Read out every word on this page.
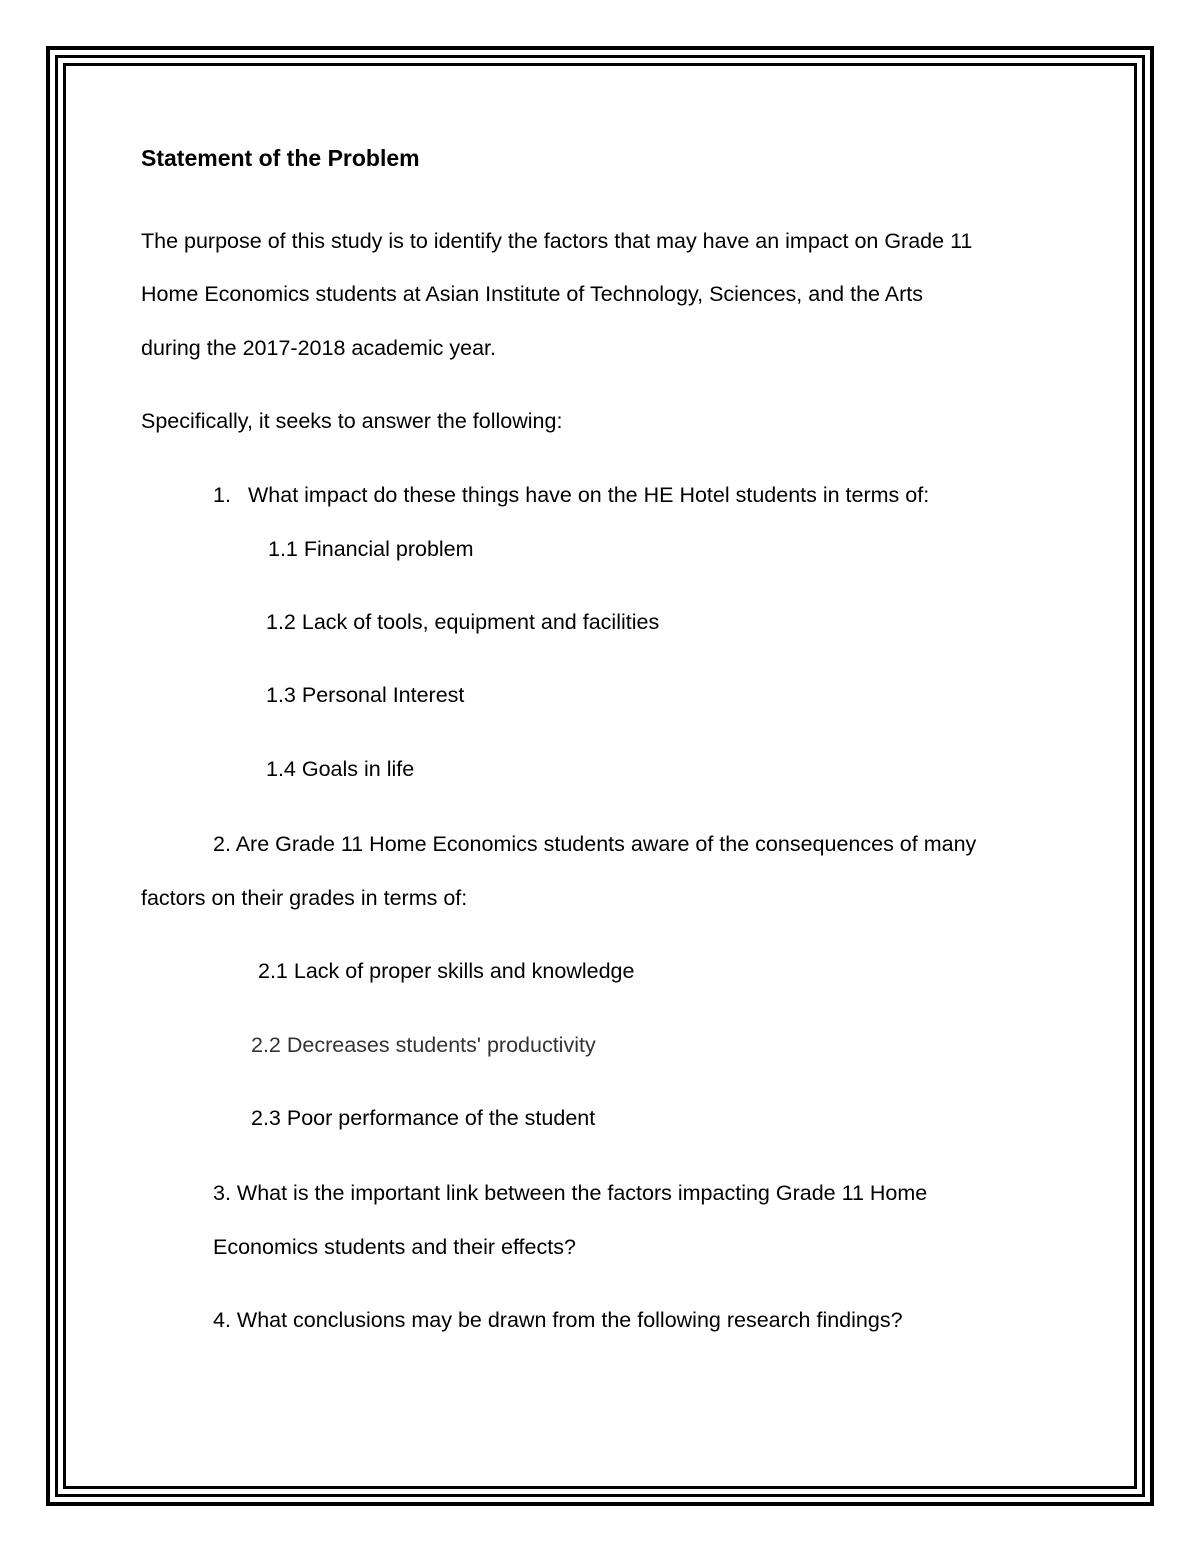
Statement of the Problem

The purpose of this study is to identify the factors that may have an impact on Grade 11

Home Economics students at Asian Institute of Technology, Sciences, and the Arts

during the 2017-2018 academic year.

Specifically, it seeks to answer the following:

1. What impact do these things have on the HE Hotel students in terms of:

1.1 Financial problem

1.2 Lack of tools, equipment and facilities

1.3 Personal Interest

1.4 Goals in life

2. Are Grade 11 Home Economics students aware of the consequences of many

factors on their grades in terms of:

2.1 Lack of proper skills and knowledge

2.2 Decreases students' productivity

2.3 Poor performance of the student

3. What is the important link between the factors impacting Grade 11 Home

Economics students and their effects?

4. What conclusions may be drawn from the following research findings?
